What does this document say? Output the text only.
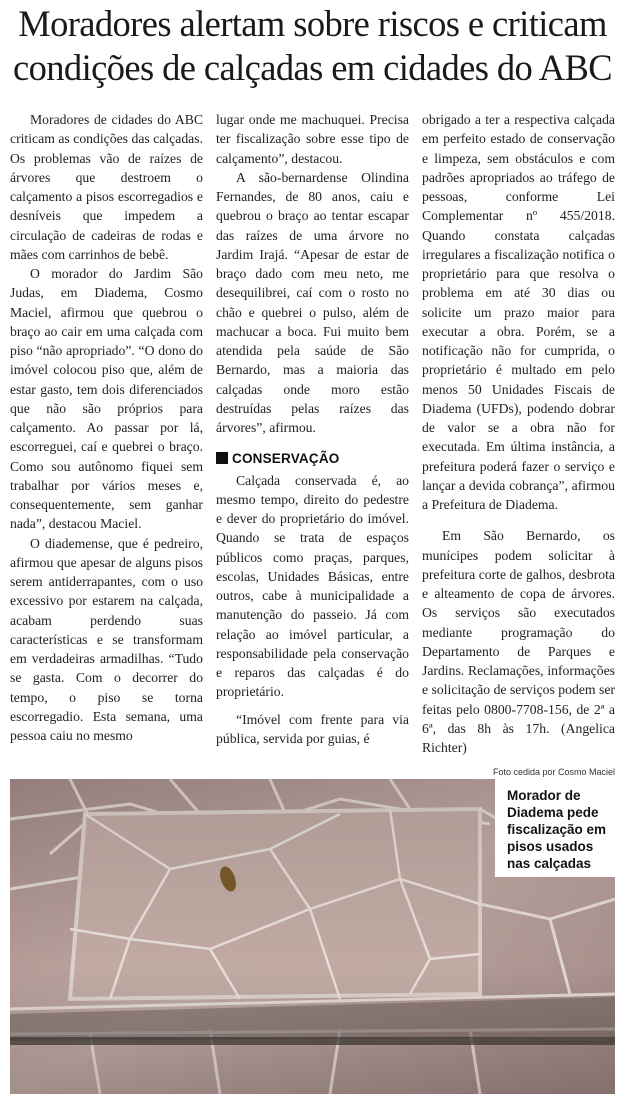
Moradores alertam sobre riscos e criticam condições de calçadas em cidades do ABC

Moradores de cidades do ABC criticam as condições das calçadas. Os problemas vão de raízes de árvores que destroem o calçamento a pisos escorregadios e desníveis que impedem a circulação de cadeiras de rodas e mães com carrinhos de bebê.

O morador do Jardim São Judas, em Diadema, Cosmo Maciel, afirmou que quebrou o braço ao cair em uma calçada com piso “não apropriado”. “O dono do imóvel colocou piso que, além de estar gasto, tem dois diferenciados que não são próprios para calçamento. Ao passar por lá, escorreguei, caí e quebrei o braço. Como sou autônomo fiquei sem trabalhar por vários meses e, consequentemente, sem ganhar nada”, destacou Maciel.

O diademense, que é pedreiro, afirmou que apesar de alguns pisos serem antiderrapantes, com o uso excessivo por estarem na calçada, acabam perdendo suas características e se transformam em verdadeiras armadilhas. “Tudo se gasta. Com o decorrer do tempo, o piso se torna escorregadio. Esta semana, uma pessoa caiu no mesmo

lugar onde me machuquei. Precisa ter fiscalização sobre esse tipo de calçamento”, destacou.

A são-bernardense Olindina Fernandes, de 80 anos, caiu e quebrou o braço ao tentar escapar das raízes de uma árvore no Jardim Irajá. “Apesar de estar de braço dado com meu neto, me desequilibrei, caí com o rosto no chão e quebrei o pulso, além de machucar a boca. Fui muito bem atendida pela saúde de São Bernardo, mas a maioria das calçadas onde moro estão destruídas pelas raízes das árvores”, afirmou.

CONSERVAÇÃO

Calçada conservada é, ao mesmo tempo, direito do pedestre e dever do proprietário do imóvel. Quando se trata de espaços públicos como praças, parques, escolas, Unidades Básicas, entre outros, cabe à municipalidade a manutenção do passeio. Já com relação ao imóvel particular, a responsabilidade pela conservação e reparos das calçadas é do proprietário.

“Imóvel com frente para via pública, servida por guias, é

obrigado a ter a respectiva calçada em perfeito estado de conservação e limpeza, sem obstáculos e com padrões apropriados ao tráfego de pessoas, conforme Lei Complementar nº 455/2018. Quando constata calçadas irregulares a fiscalização notifica o proprietário para que resolva o problema em até 30 dias ou solicite um prazo maior para executar a obra. Porém, se a notificação não for cumprida, o proprietário é multado em pelo menos 50 Unidades Fiscais de Diadema (UFDs), podendo dobrar de valor se a obra não for executada. Em última instância, a prefeitura poderá fazer o serviço e lançar a devida cobrança”, afirmou a Prefeitura de Diadema.

Em São Bernardo, os munícipes podem solicitar à prefeitura corte de galhos, desbrota e alteamento de copa de árvores. Os serviços são executados mediante programação do Departamento de Parques e Jardins. Reclamações, informações e solicitação de serviços podem ser feitas pelo 0800-7708-156, de 2ª a 6ª, das 8h às 17h. (Angelica Richter)

Foto cedida por Cosmo Maciel
Morador de Diadema pede fiscalização em pisos usados nas calçadas
